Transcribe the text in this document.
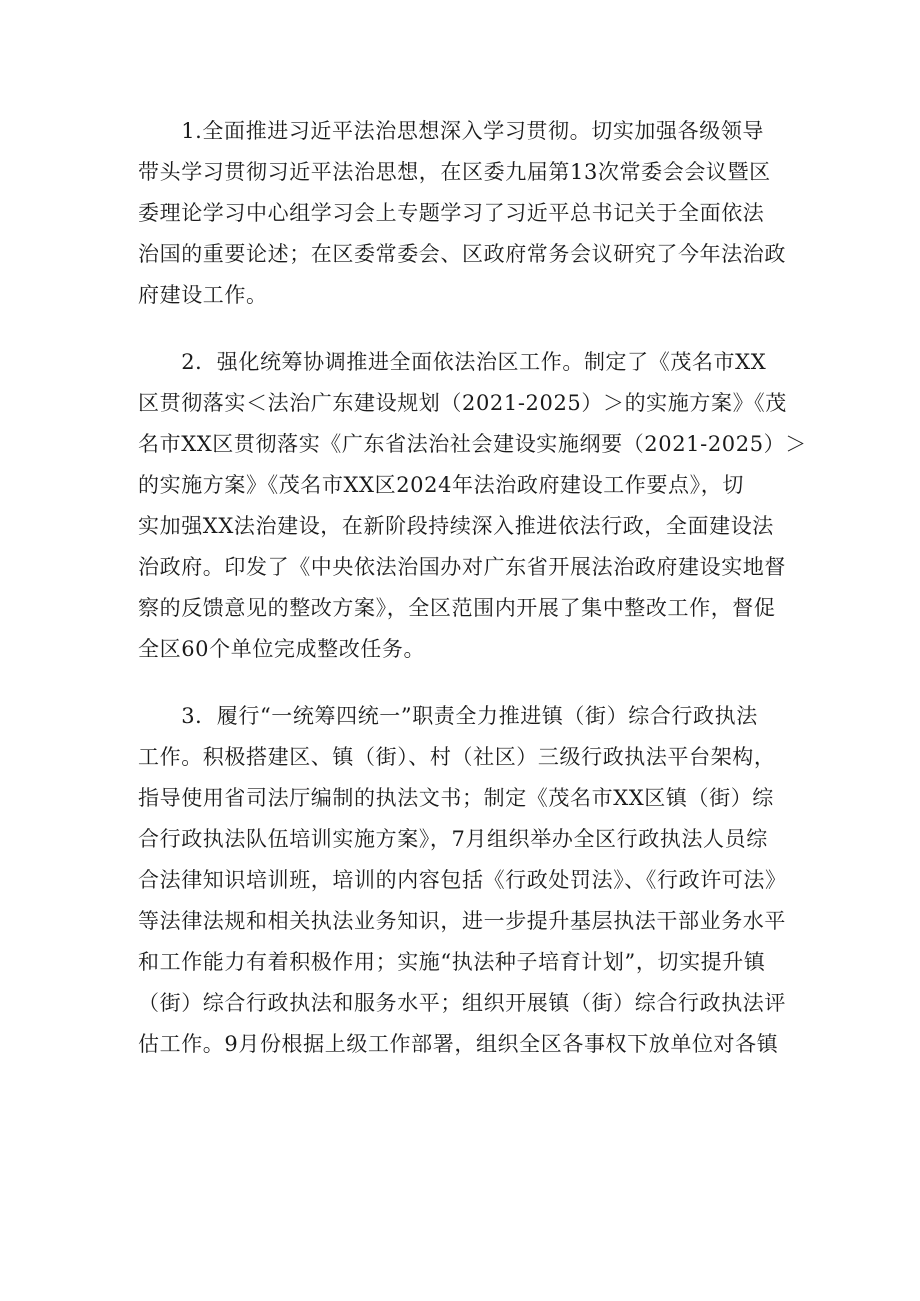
　　1.全面推进习近平法治思想深入学习贯彻。切实加强各级领导
带头学习贯彻习近平法治思想，在区委九届第13次常委会会议暨区
委理论学习中心组学习会上专题学习了习近平总书记关于全面依法
治国的重要论述；在区委常委会、区政府常务会议研究了今年法治政
府建设工作。
　　2．强化统筹协调推进全面依法治区工作。制定了《茂名市XX
区贯彻落实＜法治广东建设规划（2021-2025）＞的实施方案》《茂
名市XX区贯彻落实《广东省法治社会建设实施纲要（2021-2025）＞
的实施方案》《茂名市XX区2024年法治政府建设工作要点》，切
实加强XX法治建设，在新阶段持续深入推进依法行政，全面建设法
治政府。印发了《中央依法治国办对广东省开展法治政府建设实地督
察的反馈意见的整改方案》，全区范围内开展了集中整改工作，督促
全区60个单位完成整改任务。
　　3．履行“一统筹四统一”职责全力推进镇（街）综合行政执法
工作。积极搭建区、镇（街）、村（社区）三级行政执法平台架构，
指导使用省司法厅编制的执法文书；制定《茂名市XX区镇（街）综
合行政执法队伍培训实施方案》，7月组织举办全区行政执法人员综
合法律知识培训班，培训的内容包括《行政处罚法》、《行政许可法》
等法律法规和相关执法业务知识，进一步提升基层执法干部业务水平
和工作能力有着积极作用；实施“执法种子培育计划”，切实提升镇
（街）综合行政执法和服务水平；组织开展镇（街）综合行政执法评
估工作。9月份根据上级工作部署，组织全区各事权下放单位对各镇
